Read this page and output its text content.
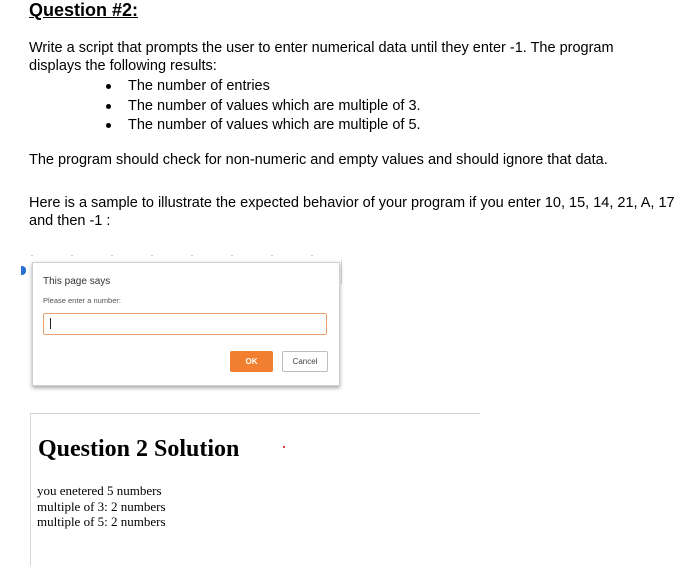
Question #2:

Write a script that prompts the user to enter numerical data until they enter -1. The program displays the following results:

The number of entries
The number of values which are multiple of 3.
The number of values which are multiple of 5.

The program should check for non-numeric and empty values and should ignore that data.

Here is a sample to illustrate the expected behavior of your program if you enter 10, 15, 14, 21, A, 17 and then -1 :

This page says
Please enter a number:
OK	Cancel
Question 2 Solution
you enetered 5 numbers
multiple of 3: 2 numbers
multiple of 5: 2 numbers
